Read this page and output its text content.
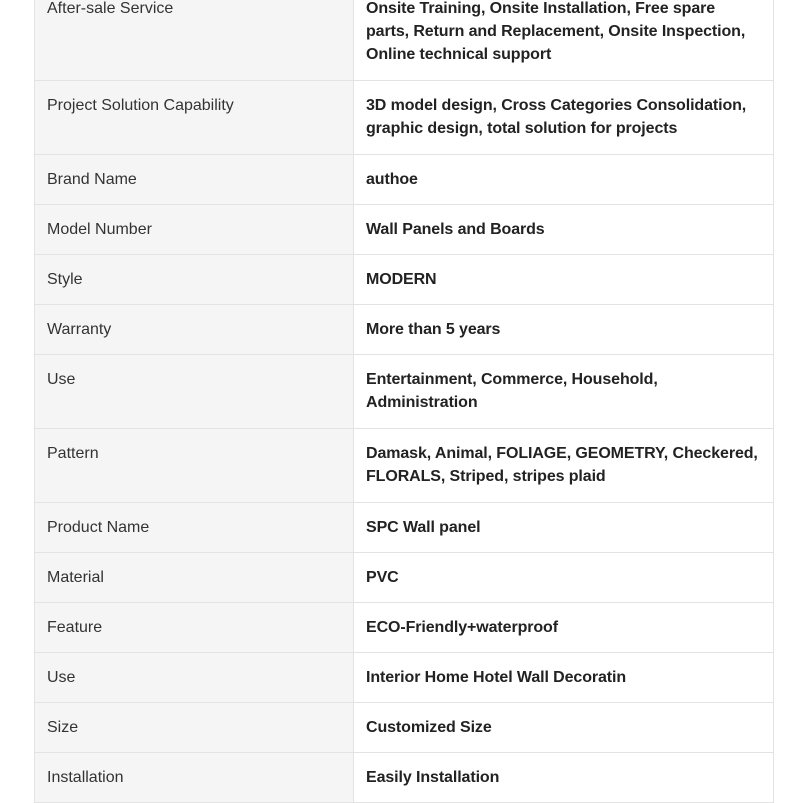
After-sale Service	Onsite Training, Onsite Installation, Free spare parts, Return and Replacement, Onsite Inspection, Online technical support
Project Solution Capability	3D model design, Cross Categories Consolidation, graphic design, total solution for projects
Brand Name	authoe
Model Number	Wall Panels and Boards
Style	MODERN
Warranty	More than 5 years
Use	Entertainment, Commerce, Household, Administration
Pattern	Damask, Animal, FOLIAGE, GEOMETRY, Checkered, FLORALS, Striped, stripes plaid
Product Name	SPC Wall panel
Material	PVC
Feature	ECO-Friendly+waterproof
Use	Interior Home Hotel Wall Decoratin
Size	Customized Size
Installation	Easily Installation
